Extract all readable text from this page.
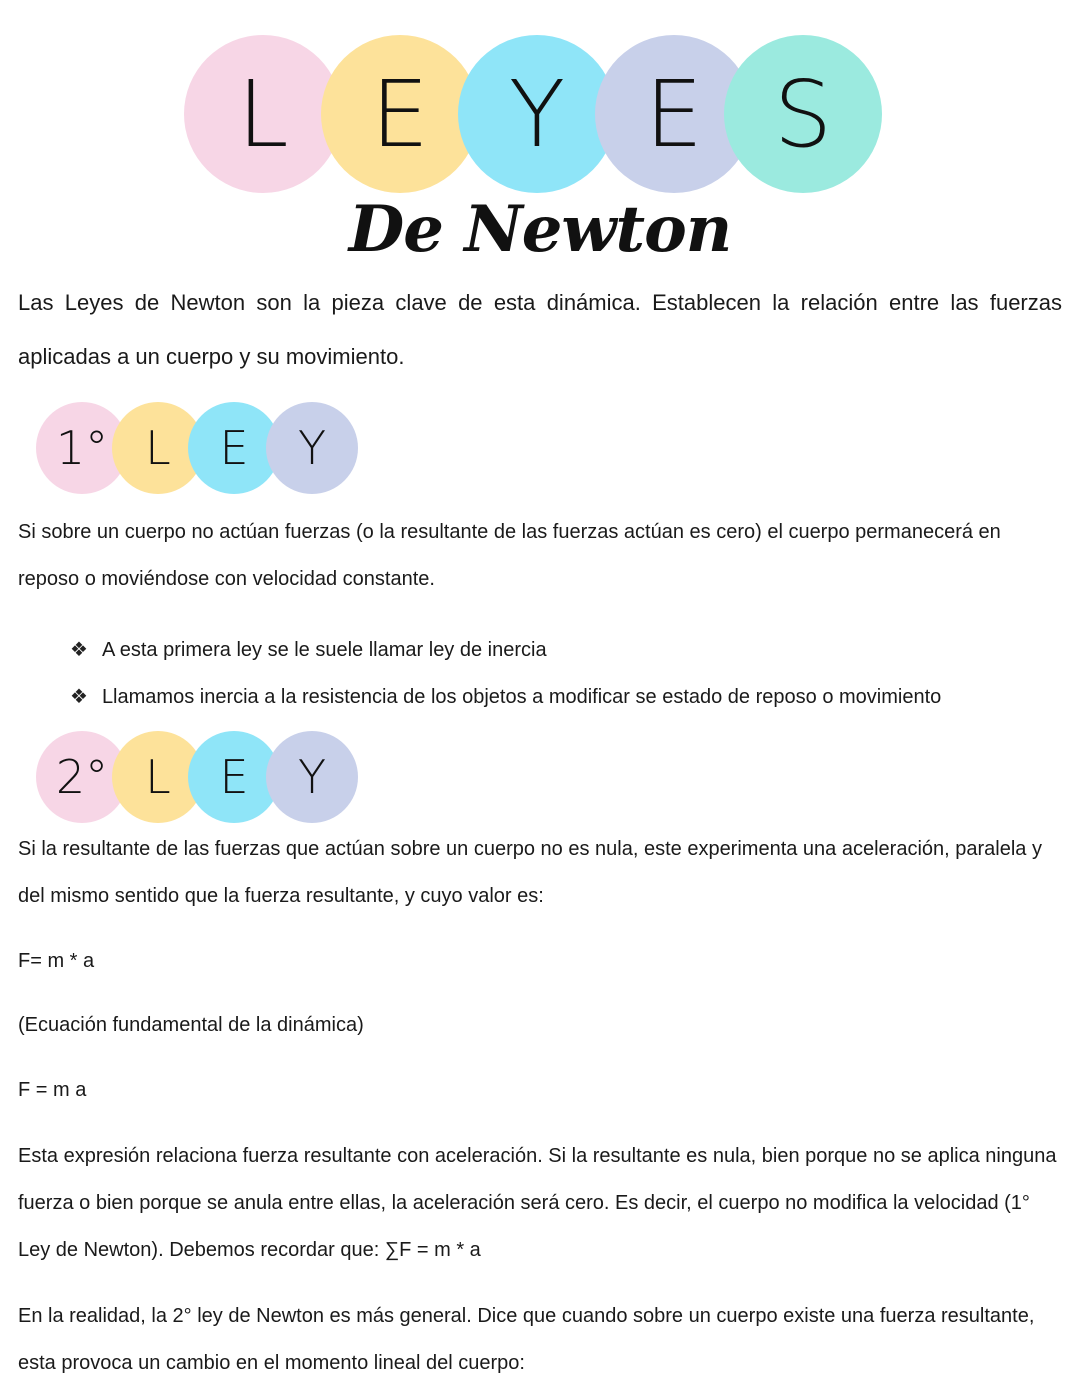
L E Y E S
De Newton

Las Leyes de Newton son la pieza clave de esta dinámica. Establecen la relación entre las fuerzas aplicadas a un cuerpo y su movimiento.

1° L E Y

Si sobre un cuerpo no actúan fuerzas (o la resultante de las fuerzas actúan es cero) el cuerpo permanecerá en reposo o moviéndose con velocidad constante.

❖ A esta primera ley se le suele llamar ley de inercia
❖ Llamamos inercia a la resistencia de los objetos a modificar se estado de reposo o movimiento
2° L E Y

Si la resultante de las fuerzas que actúan sobre un cuerpo no es nula, este experimenta una aceleración, paralela y del mismo sentido que la fuerza resultante, y cuyo valor es:

F= m * a

(Ecuación fundamental de la dinámica)

F = m a

Esta expresión relaciona fuerza resultante con aceleración. Si la resultante es nula, bien porque no se aplica ninguna fuerza o bien porque se anula entre ellas, la aceleración será cero. Es decir, el cuerpo no modifica la velocidad (1° Ley de Newton). Debemos recordar que: ∑F = m * a

En la realidad, la 2° ley de Newton es más general. Dice que cuando sobre un cuerpo existe una fuerza resultante, esta provoca un cambio en el momento lineal del cuerpo:
